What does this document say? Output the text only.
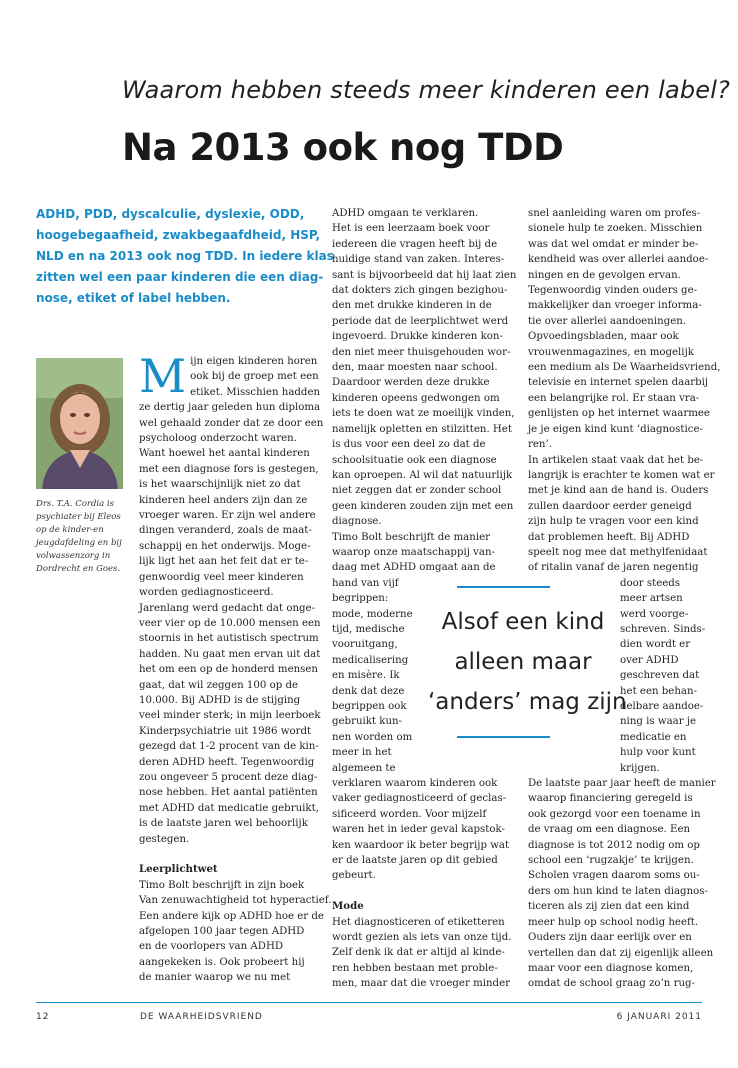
Waarom hebben steeds meer kinderen een label?
Na 2013 ook nog TDD
ADHD, PDD, dyscalculie, dyslexie, ODD,
hoogebegaafheid, zwakbegaafdheid, HSP,
NLD en na 2013 ook nog TDD. In iedere klas
zitten wel een paar kinderen die een diag-
nose, etiket of label hebben.
Drs. T.A. Cordia is
psychiater bij Eleos
op de kinder-en
jeugdafdeling en bij
volwassenzorg in
Dordrecht en Goes.
M ijn eigen kinderen horen
ook bij de groep met een
etiket. Misschien hadden
ze dertig jaar geleden hun diploma
wel gehaald zonder dat ze door een
psycholoog onderzocht waren.
Want hoewel het aantal kinderen
met een diagnose fors is gestegen,
is het waarschijnlijk niet zo dat
kinderen heel anders zijn dan ze
vroeger waren. Er zijn wel andere
dingen veranderd, zoals de maat-
schappij en het onderwijs. Moge-
lijk ligt het aan het feit dat er te-
genwoordig veel meer kinderen
worden gediagnosticeerd.
Jarenlang werd gedacht dat onge-
veer vier op de 10.000 mensen een
stoornis in het autistisch spectrum
hadden. Nu gaat men ervan uit dat
het om een op de honderd mensen
gaat, dat wil zeggen 100 op de
10.000. Bij ADHD is de stijging
veel minder sterk; in mijn leerboek
Kinderpsychiatrie uit 1986 wordt
gezegd dat 1-2 procent van de kin-
deren ADHD heeft. Tegenwoordig
zou ongeveer 5 procent deze diag-
nose hebben. Het aantal patiënten
met ADHD dat medicatie gebruikt,
is de laatste jaren wel behoorlijk
gestegen.
Leerplichtwet
Timo Bolt beschrijft in zijn boek
Van zenuwachtigheid tot hyperactief.
Een andere kijk op ADHD hoe er de
afgelopen 100 jaar tegen ADHD
en de voorlopers van ADHD
aangekeken is. Ook probeert hij
de manier waarop we nu met
ADHD omgaan te verklaren.
Het is een leerzaam boek voor
iedereen die vragen heeft bij de
huidige stand van zaken. Interes-
sant is bijvoorbeeld dat hij laat zien
dat dokters zich gingen bezighou-
den met drukke kinderen in de
periode dat de leerplichtwet werd
ingevoerd. Drukke kinderen kon-
den niet meer thuisgehouden wor-
den, maar moesten naar school.
Daardoor werden deze drukke
kinderen opeens gedwongen om
iets te doen wat ze moeilijk vinden,
namelijk opletten en stilzitten. Het
is dus voor een deel zo dat de
schoolsituatie ook een diagnose
kan oproepen. Al wil dat natuurlijk
niet zeggen dat er zonder school
geen kinderen zouden zijn met een
diagnose.
Timo Bolt beschrijft de manier
waarop onze maatschappij van-
daag met ADHD omgaat aan de
hand van vijf
begrippen:
mode, moderne
tijd, medische
vooruitgang,
medicalisering
en misère. Ik
denk dat deze
begrippen ook
gebruikt kun-
nen worden om
meer in het
algemeen te
verklaren waarom kinderen ook
vaker gediagnosticeerd of geclas-
sificeerd worden. Voor mijzelf
waren het in ieder geval kapstok-
ken waardoor ik beter begrijp wat
er de laatste jaren op dit gebied
gebeurt.
Mode
Het diagnosticeren of etiketteren
wordt gezien als iets van onze tijd.
Zelf denk ik dat er altijd al kinde-
ren hebben bestaan met proble-
men, maar dat die vroeger minder
snel aanleiding waren om profes-
sionele hulp te zoeken. Misschien
was dat wel omdat er minder be-
kendheid was over allerlei aandoe-
ningen en de gevolgen ervan.
Tegenwoordig vinden ouders ge-
makkelijker dan vroeger informa-
tie over allerlei aandoeningen.
Opvoedingsbladen, maar ook
vrouwenmagazines, en mogelijk
een medium als De Waarheidsvriend,
televisie en internet spelen daarbij
een belangrijke rol. Er staan vra-
genlijsten op het internet waarmee
je je eigen kind kunt ‘diagnostice-
ren’.
In artikelen staat vaak dat het be-
langrijk is erachter te komen wat er
met je kind aan de hand is. Ouders
zullen daardoor eerder geneigd
zijn hulp te vragen voor een kind
dat problemen heeft. Bij ADHD
speelt nog mee dat methylfenidaat
of ritalin vanaf de jaren negentig
door steeds
meer artsen
werd voorge-
schreven. Sinds-
dien wordt er
over ADHD
geschreven dat
het een behan-
delbare aandoe-
ning is waar je
medicatie en
hulp voor kunt
krijgen.
De laatste paar jaar heeft de manier
waarop financiering geregeld is
ook gezorgd voor een toename in
de vraag om een diagnose. Een
diagnose is tot 2012 nodig om op
school een ‘rugzakje’ te krijgen.
Scholen vragen daarom soms ou-
ders om hun kind te laten diagnos-
ticeren als zij zien dat een kind
meer hulp op school nodig heeft.
Ouders zijn daar eerlijk over en
vertellen dan dat zij eigenlijk alleen
maar voor een diagnose komen,
omdat de school graag zo’n rug-
Alsof een kind
alleen maar
‘anders’ mag zijn
12	DE WAARHEIDSVRIEND	6 JANUARI 2011
